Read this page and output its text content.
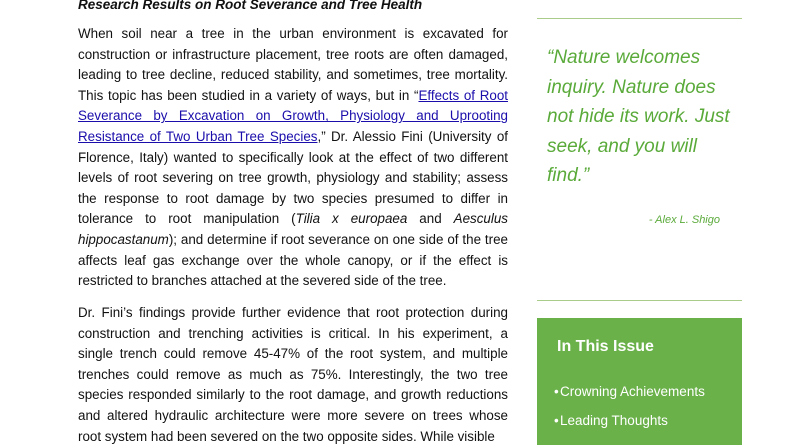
Research Results on Root Severance and Tree Health

When soil near a tree in the urban environment is excavated for construction or infrastructure placement, tree roots are often damaged, leading to tree decline, reduced stability, and sometimes, tree mortality. This topic has been studied in a variety of ways, but in “Effects of Root Severance by Excavation on Growth, Physiology and Uprooting Resistance of Two Urban Tree Species,” Dr. Alessio Fini (University of Florence, Italy) wanted to specifically look at the effect of two different levels of root severing on tree growth, physiology and stability; assess the response to root damage by two species presumed to differ in tolerance to root manipulation (Tilia x europaea and Aesculus hippocastanum); and determine if root severance on one side of the tree affects leaf gas exchange over the whole canopy, or if the effect is restricted to branches attached at the severed side of the tree.

Dr. Fini’s findings provide further evidence that root protection during construction and trenching activities is critical. In his experiment, a single trench could remove 45-47% of the root system, and multiple trenches could remove as much as 75%. Interestingly, the two tree species responded similarly to the root damage, and growth reductions and altered hydraulic architecture were more severe on trees whose root system had been severed on the two opposite sides. While visible

“Nature welcomes inquiry. Nature does not hide its work. Just seek, and you will find.”

- Alex L. Shigo
In This Issue
•Crowning Achievements
•Leading Thoughts
